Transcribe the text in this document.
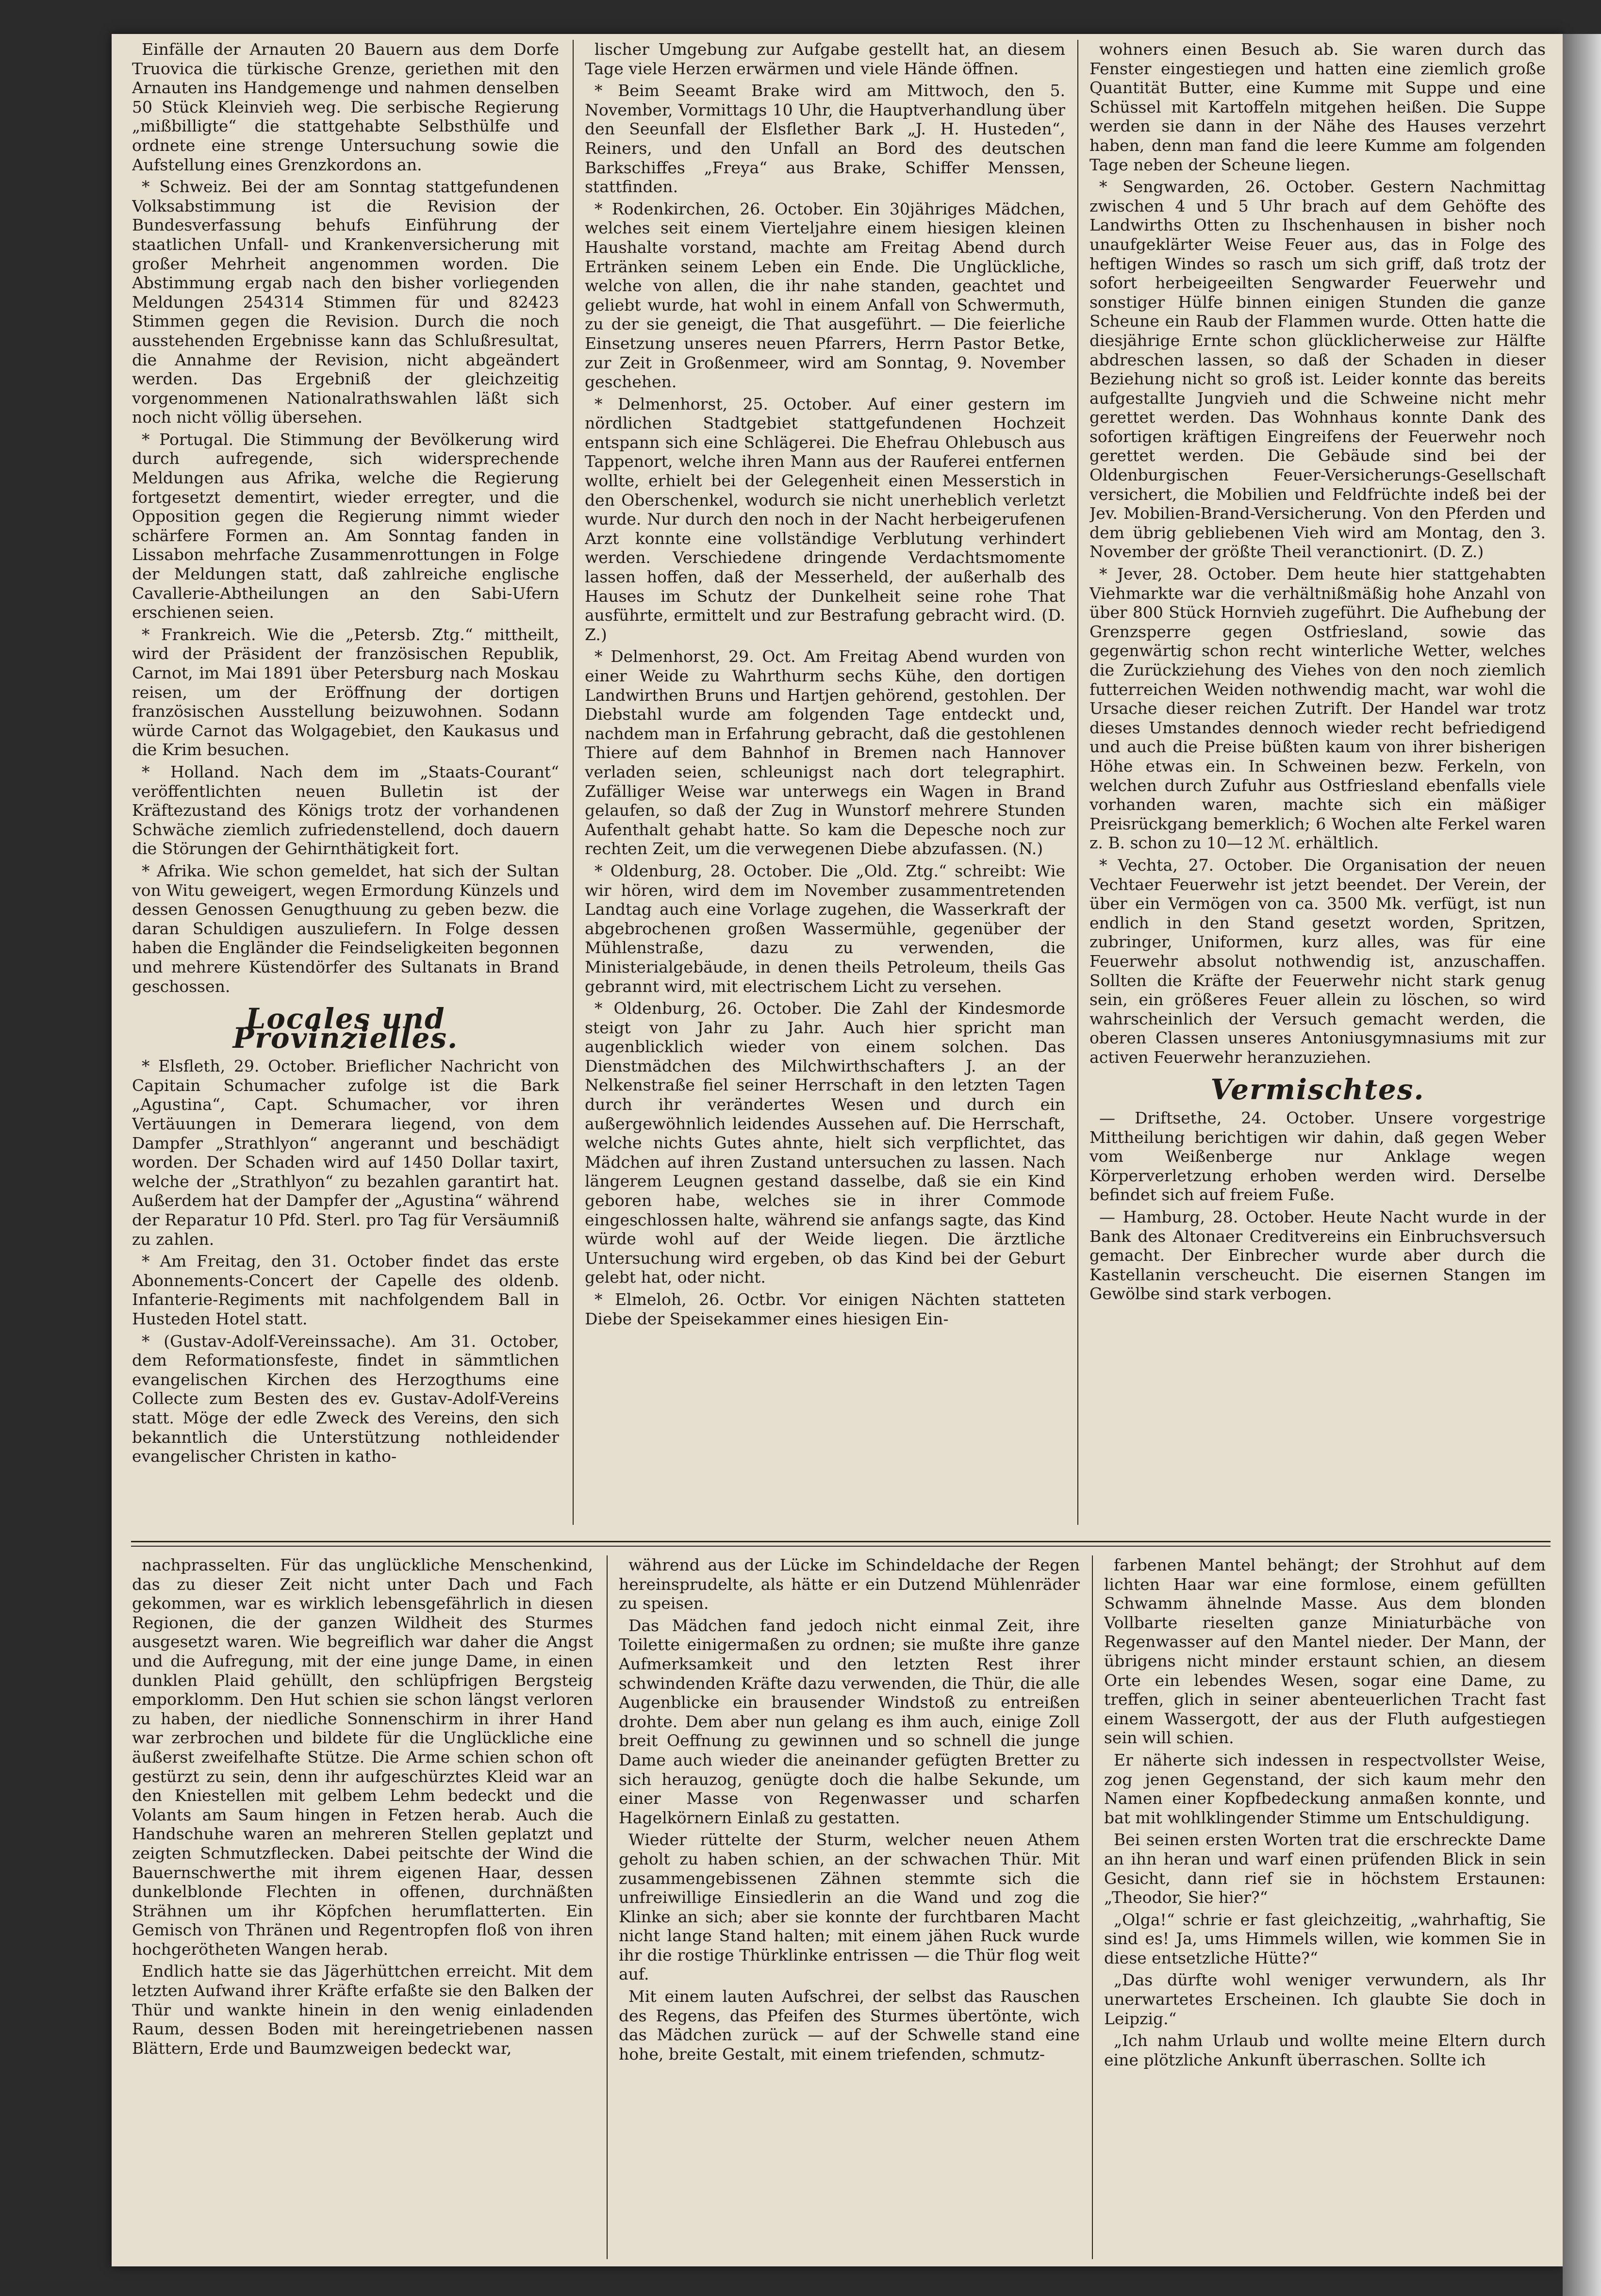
Einfälle der Arnauten 20 Bauern aus dem Dorfe Truovica die türkische Grenze, geriethen mit den Arnauten ins Handgemenge und nahmen denselben 50 Stück Kleinvieh weg. Die serbische Regierung „mißbilligte“ die stattgehabte Selbsthülfe und ordnete eine strenge Untersuchung sowie die Aufstellung eines Grenzkordons an.

* Schweiz. Bei der am Sonntag stattgefundenen Volksabstimmung ist die Revision der Bundesverfassung behufs Einführung der staatlichen Unfall- und Krankenversicherung mit großer Mehrheit angenommen worden. Die Abstimmung ergab nach den bisher vorliegenden Meldungen 254314 Stimmen für und 82423 Stimmen gegen die Revision. Durch die noch ausstehenden Ergebnisse kann das Schlußresultat, die Annahme der Revision, nicht abgeändert werden. Das Ergebniß der gleichzeitig vorgenommenen Nationalrathswahlen läßt sich noch nicht völlig übersehen.

* Portugal. Die Stimmung der Bevölkerung wird durch aufregende, sich widersprechende Meldungen aus Afrika, welche die Regierung fortgesetzt dementirt, wieder erregter, und die Opposition gegen die Regierung nimmt wieder schärfere Formen an. Am Sonntag fanden in Lissabon mehrfache Zusammenrottungen in Folge der Meldungen statt, daß zahlreiche englische Cavallerie-Abtheilungen an den Sabi-Ufern erschienen seien.

* Frankreich. Wie die „Petersb. Ztg.“ mittheilt, wird der Präsident der französischen Republik, Carnot, im Mai 1891 über Petersburg nach Moskau reisen, um der Eröffnung der dortigen französischen Ausstellung beizuwohnen. Sodann würde Carnot das Wolgagebiet, den Kaukasus und die Krim besuchen.

* Holland. Nach dem im „Staats-Courant“ veröffentlichten neuen Bulletin ist der Kräftezustand des Königs trotz der vorhandenen Schwäche ziemlich zufriedenstellend, doch dauern die Störungen der Gehirnthätigkeit fort.

* Afrika. Wie schon gemeldet, hat sich der Sultan von Witu geweigert, wegen Ermordung Künzels und dessen Genossen Genugthuung zu geben bezw. die daran Schuldigen auszuliefern. In Folge dessen haben die Engländer die Feindseligkeiten begonnen und mehrere Küstendörfer des Sultanats in Brand geschossen.

Locales und Provinzielles.

* Elsfleth, 29. October. Brieflicher Nachricht von Capitain Schumacher zufolge ist die Bark „Agustina“, Capt. Schumacher, vor ihren Vertäuungen in Demerara liegend, von dem Dampfer „Strathlyon“ angerannt und beschädigt worden. Der Schaden wird auf 1450 Dollar taxirt, welche der „Strathlyon“ zu bezahlen garantirt hat. Außerdem hat der Dampfer der „Agustina“ während der Reparatur 10 Pfd. Sterl. pro Tag für Versäumniß zu zahlen.

* Am Freitag, den 31. October findet das erste Abonnements-Concert der Capelle des oldenb. Infanterie-Regiments mit nachfolgendem Ball in Husteden Hotel statt.

* (Gustav-Adolf-Vereinssache). Am 31. October, dem Reformationsfeste, findet in sämmtlichen evangelischen Kirchen des Herzogthums eine Collecte zum Besten des ev. Gustav-Adolf-Vereins statt. Möge der edle Zweck des Vereins, den sich bekanntlich die Unterstützung nothleidender evangelischer Christen in katho-

lischer Umgebung zur Aufgabe gestellt hat, an diesem Tage viele Herzen erwärmen und viele Hände öffnen.

* Beim Seeamt Brake wird am Mittwoch, den 5. November, Vormittags 10 Uhr, die Hauptverhandlung über den Seeunfall der Elsflether Bark „J. H. Husteden“, Reiners, und den Unfall an Bord des deutschen Barkschiffes „Freya“ aus Brake, Schiffer Menssen, stattfinden.

* Rodenkirchen, 26. October. Ein 30jähriges Mädchen, welches seit einem Vierteljahre einem hiesigen kleinen Haushalte vorstand, machte am Freitag Abend durch Ertränken seinem Leben ein Ende. Die Unglückliche, welche von allen, die ihr nahe standen, geachtet und geliebt wurde, hat wohl in einem Anfall von Schwermuth, zu der sie geneigt, die That ausgeführt. — Die feierliche Einsetzung unseres neuen Pfarrers, Herrn Pastor Betke, zur Zeit in Großenmeer, wird am Sonntag, 9. November geschehen.

* Delmenhorst, 25. October. Auf einer gestern im nördlichen Stadtgebiet stattgefundenen Hochzeit entspann sich eine Schlägerei. Die Ehefrau Ohlebusch aus Tappenort, welche ihren Mann aus der Rauferei entfernen wollte, erhielt bei der Gelegenheit einen Messerstich in den Oberschenkel, wodurch sie nicht unerheblich verletzt wurde. Nur durch den noch in der Nacht herbeigerufenen Arzt konnte eine vollständige Verblutung verhindert werden. Verschiedene dringende Verdachtsmomente lassen hoffen, daß der Messerheld, der außerhalb des Hauses im Schutz der Dunkelheit seine rohe That ausführte, ermittelt und zur Bestrafung gebracht wird. (D. Z.)

* Delmenhorst, 29. Oct. Am Freitag Abend wurden von einer Weide zu Wahrthurm sechs Kühe, den dortigen Landwirthen Bruns und Hartjen gehörend, gestohlen. Der Diebstahl wurde am folgenden Tage entdeckt und, nachdem man in Erfahrung gebracht, daß die gestohlenen Thiere auf dem Bahnhof in Bremen nach Hannover verladen seien, schleunigst nach dort telegraphirt. Zufälliger Weise war unterwegs ein Wagen in Brand gelaufen, so daß der Zug in Wunstorf mehrere Stunden Aufenthalt gehabt hatte. So kam die Depesche noch zur rechten Zeit, um die verwegenen Diebe abzufassen. (N.)

* Oldenburg, 28. October. Die „Old. Ztg.“ schreibt: Wie wir hören, wird dem im November zusammentretenden Landtag auch eine Vorlage zugehen, die Wasserkraft der abgebrochenen großen Wassermühle, gegenüber der Mühlenstraße, dazu zu verwenden, die Ministerialgebäude, in denen theils Petroleum, theils Gas gebrannt wird, mit electrischem Licht zu versehen.

* Oldenburg, 26. October. Die Zahl der Kindesmorde steigt von Jahr zu Jahr. Auch hier spricht man augenblicklich wieder von einem solchen. Das Dienstmädchen des Milchwirthschafters J. an der Nelkenstraße fiel seiner Herrschaft in den letzten Tagen durch ihr verändertes Wesen und durch ein außergewöhnlich leidendes Aussehen auf. Die Herrschaft, welche nichts Gutes ahnte, hielt sich verpflichtet, das Mädchen auf ihren Zustand untersuchen zu lassen. Nach längerem Leugnen gestand dasselbe, daß sie ein Kind geboren habe, welches sie in ihrer Commode eingeschlossen halte, während sie anfangs sagte, das Kind würde wohl auf der Weide liegen. Die ärztliche Untersuchung wird ergeben, ob das Kind bei der Geburt gelebt hat, oder nicht.

* Elmeloh, 26. Octbr. Vor einigen Nächten statteten Diebe der Speisekammer eines hiesigen Ein-

wohners einen Besuch ab. Sie waren durch das Fenster eingestiegen und hatten eine ziemlich große Quantität Butter, eine Kumme mit Suppe und eine Schüssel mit Kartoffeln mitgehen heißen. Die Suppe werden sie dann in der Nähe des Hauses verzehrt haben, denn man fand die leere Kumme am folgenden Tage neben der Scheune liegen.

* Sengwarden, 26. October. Gestern Nachmittag zwischen 4 und 5 Uhr brach auf dem Gehöfte des Landwirths Otten zu Ihschenhausen in bisher noch unaufgeklärter Weise Feuer aus, das in Folge des heftigen Windes so rasch um sich griff, daß trotz der sofort herbeigeeilten Sengwarder Feuerwehr und sonstiger Hülfe binnen einigen Stunden die ganze Scheune ein Raub der Flammen wurde. Otten hatte die diesjährige Ernte schon glücklicherweise zur Hälfte abdreschen lassen, so daß der Schaden in dieser Beziehung nicht so groß ist. Leider konnte das bereits aufgestallte Jungvieh und die Schweine nicht mehr gerettet werden. Das Wohnhaus konnte Dank des sofortigen kräftigen Eingreifens der Feuerwehr noch gerettet werden. Die Gebäude sind bei der Oldenburgischen Feuer-Versicherungs-Gesellschaft versichert, die Mobilien und Feldfrüchte indeß bei der Jev. Mobilien-Brand-Versicherung. Von den Pferden und dem übrig gebliebenen Vieh wird am Montag, den 3. November der größte Theil veranctionirt. (D. Z.)

* Jever, 28. October. Dem heute hier stattgehabten Viehmarkte war die verhältnißmäßig hohe Anzahl von über 800 Stück Hornvieh zugeführt. Die Aufhebung der Grenzsperre gegen Ostfriesland, sowie das gegenwärtig schon recht winterliche Wetter, welches die Zurückziehung des Viehes von den noch ziemlich futterreichen Weiden nothwendig macht, war wohl die Ursache dieser reichen Zutrift. Der Handel war trotz dieses Umstandes dennoch wieder recht befriedigend und auch die Preise büßten kaum von ihrer bisherigen Höhe etwas ein. In Schweinen bezw. Ferkeln, von welchen durch Zufuhr aus Ostfriesland ebenfalls viele vorhanden waren, machte sich ein mäßiger Preisrückgang bemerklich; 6 Wochen alte Ferkel waren z. B. schon zu 10—12 ℳ. erhältlich.

* Vechta, 27. October. Die Organisation der neuen Vechtaer Feuerwehr ist jetzt beendet. Der Verein, der über ein Vermögen von ca. 3500 Mk. verfügt, ist nun endlich in den Stand gesetzt worden, Spritzen, zubringer, Uniformen, kurz alles, was für eine Feuerwehr absolut nothwendig ist, anzuschaffen. Sollten die Kräfte der Feuerwehr nicht stark genug sein, ein größeres Feuer allein zu löschen, so wird wahrscheinlich der Versuch gemacht werden, die oberen Classen unseres Antoniusgymnasiums mit zur activen Feuerwehr heranzuziehen.

Vermischtes.

— Driftsethe, 24. October. Unsere vorgestrige Mittheilung berichtigen wir dahin, daß gegen Weber vom Weißenberge nur Anklage wegen Körperverletzung erhoben werden wird. Derselbe befindet sich auf freiem Fuße.

— Hamburg, 28. October. Heute Nacht wurde in der Bank des Altonaer Creditvereins ein Einbruchsversuch gemacht. Der Einbrecher wurde aber durch die Kastellanin verscheucht. Die eisernen Stangen im Gewölbe sind stark verbogen.

nachprasselten. Für das unglückliche Menschenkind, das zu dieser Zeit nicht unter Dach und Fach gekommen, war es wirklich lebensgefährlich in diesen Regionen, die der ganzen Wildheit des Sturmes ausgesetzt waren. Wie begreiflich war daher die Angst und die Aufregung, mit der eine junge Dame, in einen dunklen Plaid gehüllt, den schlüpfrigen Bergsteig emporklomm. Den Hut schien sie schon längst verloren zu haben, der niedliche Sonnenschirm in ihrer Hand war zerbrochen und bildete für die Unglückliche eine äußerst zweifelhafte Stütze. Die Arme schien schon oft gestürzt zu sein, denn ihr aufgeschürztes Kleid war an den Kniestellen mit gelbem Lehm bedeckt und die Volants am Saum hingen in Fetzen herab. Auch die Handschuhe waren an mehreren Stellen geplatzt und zeigten Schmutzflecken. Dabei peitschte der Wind die Bauernschwerthe mit ihrem eigenen Haar, dessen dunkelblonde Flechten in offenen, durchnäßten Strähnen um ihr Köpfchen herumflatterten. Ein Gemisch von Thränen und Regentropfen floß von ihren hochgerötheten Wangen herab.

Endlich hatte sie das Jägerhüttchen erreicht. Mit dem letzten Aufwand ihrer Kräfte erfaßte sie den Balken der Thür und wankte hinein in den wenig einladenden Raum, dessen Boden mit hereingetriebenen nassen Blättern, Erde und Baumzweigen bedeckt war,

während aus der Lücke im Schindeldache der Regen hereinsprudelte, als hätte er ein Dutzend Mühlenräder zu speisen.

Das Mädchen fand jedoch nicht einmal Zeit, ihre Toilette einigermaßen zu ordnen; sie mußte ihre ganze Aufmerksamkeit und den letzten Rest ihrer schwindenden Kräfte dazu verwenden, die Thür, die alle Augenblicke ein brausender Windstoß zu entreißen drohte. Dem aber nun gelang es ihm auch, einige Zoll breit Oeffnung zu gewinnen und so schnell die junge Dame auch wieder die aneinander gefügten Bretter zu sich herauzog, genügte doch die halbe Sekunde, um einer Masse von Regenwasser und scharfen Hagelkörnern Einlaß zu gestatten.

Wieder rüttelte der Sturm, welcher neuen Athem geholt zu haben schien, an der schwachen Thür. Mit zusammengebissenen Zähnen stemmte sich die unfreiwillige Einsiedlerin an die Wand und zog die Klinke an sich; aber sie konnte der furchtbaren Macht nicht lange Stand halten; mit einem jähen Ruck wurde ihr die rostige Thürklinke entrissen — die Thür flog weit auf.

Mit einem lauten Aufschrei, der selbst das Rauschen des Regens, das Pfeifen des Sturmes übertönte, wich das Mädchen zurück — auf der Schwelle stand eine hohe, breite Gestalt, mit einem triefenden, schmutz-

farbenen Mantel behängt; der Strohhut auf dem lichten Haar war eine formlose, einem gefüllten Schwamm ähnelnde Masse. Aus dem blonden Vollbarte rieselten ganze Miniaturbäche von Regenwasser auf den Mantel nieder. Der Mann, der übrigens nicht minder erstaunt schien, an diesem Orte ein lebendes Wesen, sogar eine Dame, zu treffen, glich in seiner abenteuerlichen Tracht fast einem Wassergott, der aus der Fluth aufgestiegen sein will schien.

Er näherte sich indessen in respectvollster Weise, zog jenen Gegenstand, der sich kaum mehr den Namen einer Kopfbedeckung anmaßen konnte, und bat mit wohlklingender Stimme um Entschuldigung.

Bei seinen ersten Worten trat die erschreckte Dame an ihn heran und warf einen prüfenden Blick in sein Gesicht, dann rief sie in höchstem Erstaunen: „Theodor, Sie hier?“

„Olga!“ schrie er fast gleichzeitig, „wahrhaftig, Sie sind es! Ja, ums Himmels willen, wie kommen Sie in diese entsetzliche Hütte?“

„Das dürfte wohl weniger verwundern, als Ihr unerwartetes Erscheinen. Ich glaubte Sie doch in Leipzig.“

„Ich nahm Urlaub und wollte meine Eltern durch eine plötzliche Ankunft überraschen. Sollte ich
